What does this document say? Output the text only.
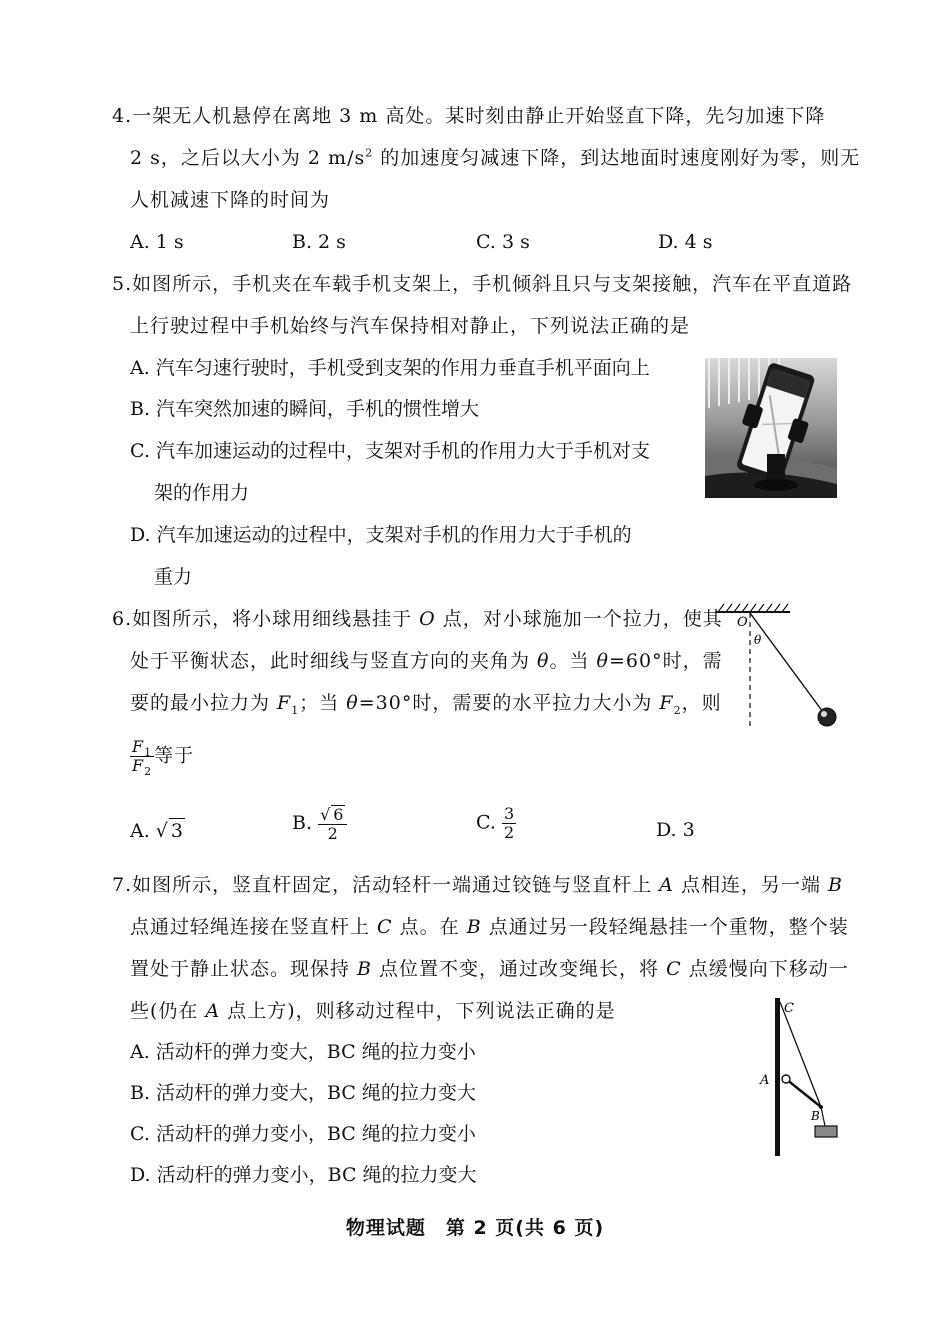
4.一架无人机悬停在离地 3 m 高处。某时刻由静止开始竖直下降，先匀加速下降
2 s，之后以大小为 2 $m/s^2$ 的加速度匀减速下降，到达地面时速度刚好为零，则无
人机减速下降的时间为
A. 1 s	B. 2 s	C. 3 s	D. 4 s
5.如图所示，手机夹在车载手机支架上，手机倾斜且只与支架接触，汽车在平直道路
上行驶过程中手机始终与汽车保持相对静止，下列说法正确的是
A. 汽车匀速行驶时，手机受到支架的作用力垂直手机平面向上
B. 汽车突然加速的瞬间，手机的惯性增大
C. 汽车加速运动的过程中，支架对手机的作用力大于手机对支
架的作用力
D. 汽车加速运动的过程中，支架对手机的作用力大于手机的
重力
6.如图所示，将小球用细线悬挂于 O 点，对小球施加一个拉力，使其
处于平衡状态，此时细线与竖直方向的夹角为 θ。当 θ=60°时，需
要的最小拉力为 $F_1$；当 θ=30°时，需要的水平拉力大小为 $F_2$，则
$\frac{F_1}{F_2}$ 等于
A. √ 3	B. $\frac{√ 6}{2}$	C. $\frac{3}{2}$	D. 3
O
θ
7.如图所示，竖直杆固定，活动轻杆一端通过铰链与竖直杆上 A 点相连，另一端 B
点通过轻绳连接在竖直杆上 C 点。在 B 点通过另一段轻绳悬挂一个重物，整个装
置处于静止状态。现保持 B 点位置不变，通过改变绳长，将 C 点缓慢向下移动一
些(仍在 A 点上方)，则移动过程中，下列说法正确的是
A. 活动杆的弹力变大，BC 绳的拉力变小
B. 活动杆的弹力变大，BC 绳的拉力变大
C. 活动杆的弹力变小，BC 绳的拉力变小
D. 活动杆的弹力变小，BC 绳的拉力变大
C
A
B
物理试题　第 2 页(共 6 页)
